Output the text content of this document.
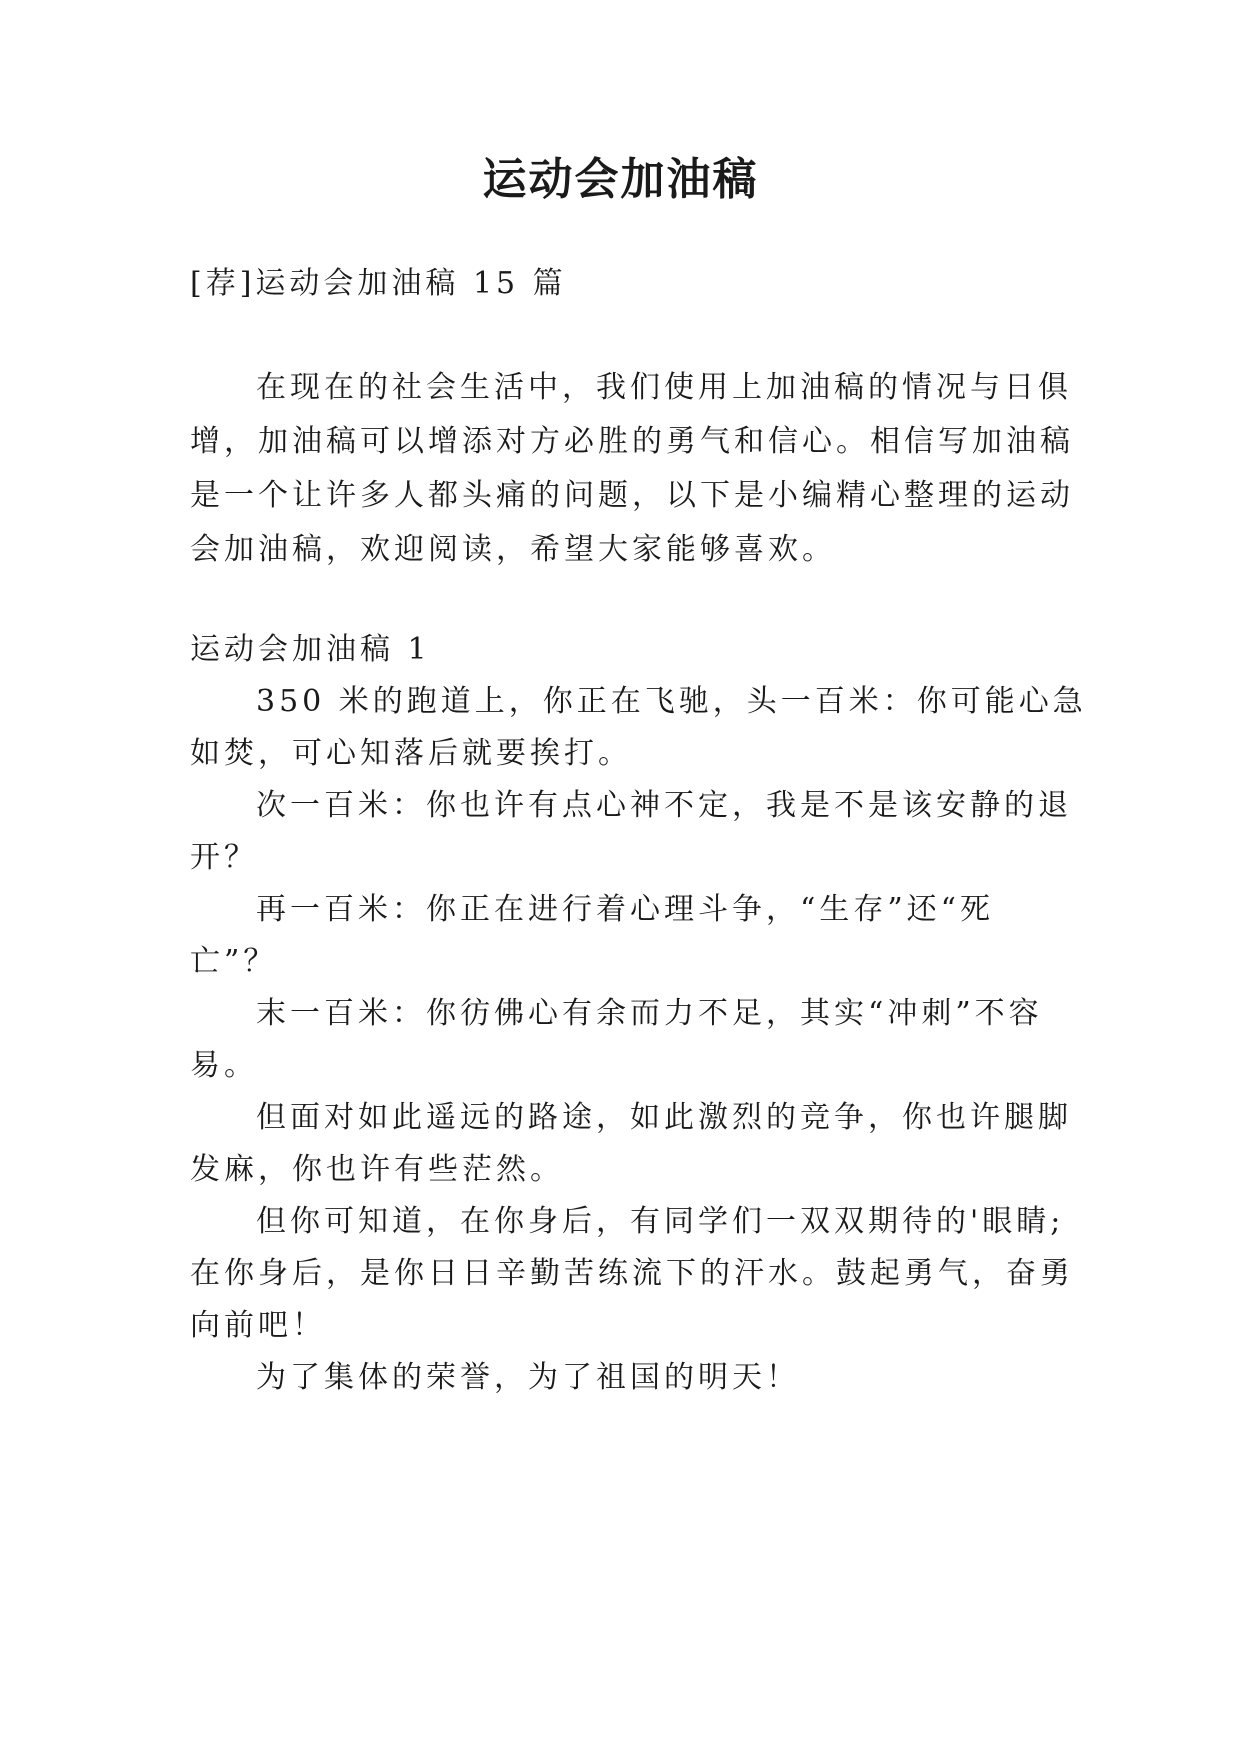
运动会加油稿
[荐]运动会加油稿 15 篇
在现在的社会生活中，我们使用上加油稿的情况与日俱
增，加油稿可以增添对方必胜的勇气和信心。相信写加油稿
是一个让许多人都头痛的问题，以下是小编精心整理的运动
会加油稿，欢迎阅读，希望大家能够喜欢。
运动会加油稿 1
350 米的跑道上，你正在飞驰，头一百米：你可能心急
如焚，可心知落后就要挨打。
次一百米：你也许有点心神不定，我是不是该安静的退
开？
再一百米：你正在进行着心理斗争，“生存”还“死
亡”？
末一百米：你彷佛心有余而力不足，其实“冲刺”不容
易。
但面对如此遥远的路途，如此激烈的竞争，你也许腿脚
发麻，你也许有些茫然。
但你可知道，在你身后，有同学们一双双期待的'眼睛;
在你身后，是你日日辛勤苦练流下的汗水。鼓起勇气，奋勇
向前吧！
为了集体的荣誉，为了祖国的明天！
